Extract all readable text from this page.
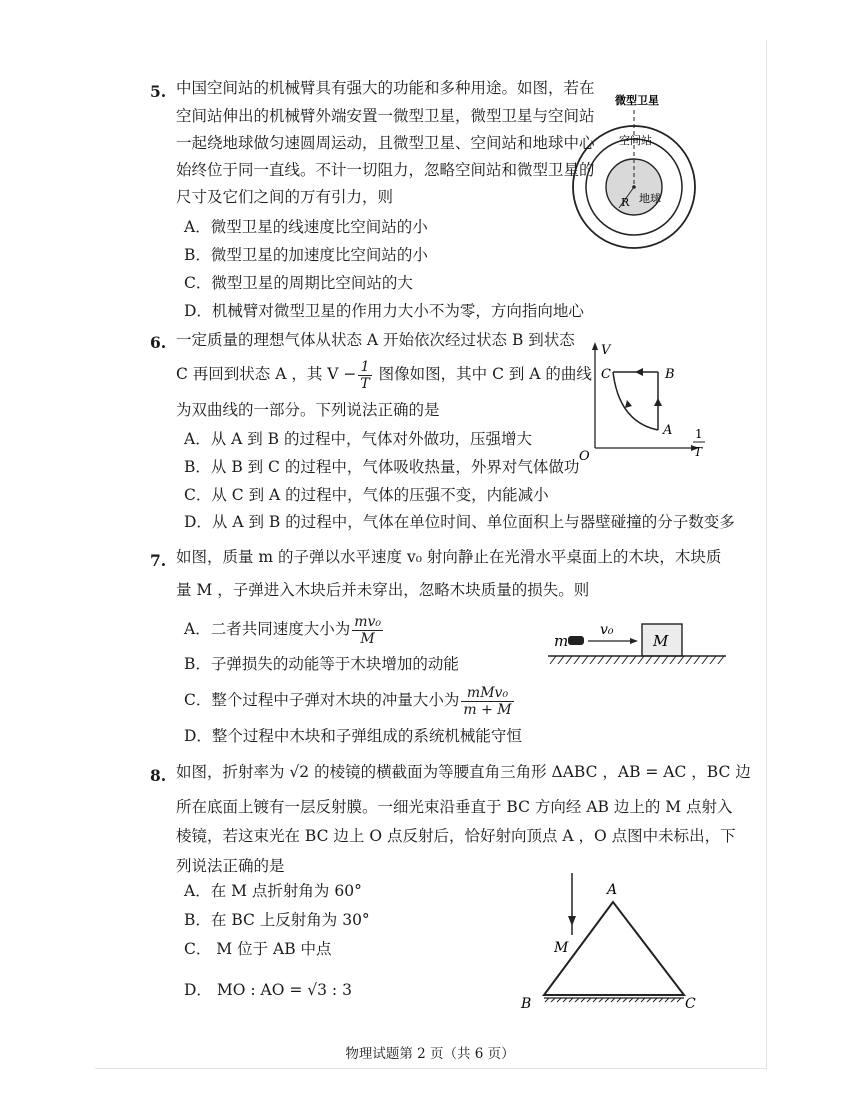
5. 中国空间站的机械臂具有强大的功能和多种用途。如图，若在
空间站伸出的机械臂外端安置一微型卫星，微型卫星与空间站
一起绕地球做匀速圆周运动，且微型卫星、空间站和地球中心
始终位于同一直线。不计一切阻力，忽略空间站和微型卫星的
尺寸及它们之间的万有引力，则
A．微型卫星的线速度比空间站的小
B．微型卫星的加速度比空间站的小
C．微型卫星的周期比空间站的大
D．机械臂对微型卫星的作用力大小不为零，方向指向地心
微型卫星
空间站
地球
R
6. 一定质量的理想气体从状态 A 开始依次经过状态 B 到状态
C 再回到状态 A ，其 $V - \frac{1}{T}$ 图像如图，其中 C 到 A 的曲线
为双曲线的一部分。下列说法正确的是
A．从 A 到 B 的过程中，气体对外做功，压强增大
B．从 B 到 C 的过程中，气体吸收热量，外界对气体做功
C．从 C 到 A 的过程中，气体的压强不变，内能减小
D．从 A 到 B 的过程中，气体在单位时间、单位面积上与器壁碰撞的分子数变多
V
O
C	B
A 1
T
7. 如图，质量 m 的子弹以水平速度 v₀ 射向静止在光滑水平桌面上的木块，木块质
量 M ，子弹进入木块后并未穿出，忽略木块质量的损失。则
A．二者共同速度大小为 $\frac{\text{mv₀}}{M}$
B．子弹损失的动能等于木块增加的动能
C．整个过程中子弹对木块的冲量大小为 $\frac{\text{mMv₀}}{m + M}$
D．整个过程中木块和子弹组成的系统机械能守恒
m
v₀
M
8. 如图，折射率为 √2 的棱镜的横截面为等腰直角三角形 ΔABC ，AB = AC ，BC 边
所在底面上镀有一层反射膜。一细光束沿垂直于 BC 方向经 AB 边上的 M 点射入
棱镜，若这束光在 BC 边上 O 点反射后，恰好射向顶点 A ，O 点图中未标出，下
列说法正确的是
A．在 M 点折射角为 60°
B．在 BC 上反射角为 30°
C． M 位于 AB 中点
D． MO : AO = √3 : 3
A
B	C
M
物理试题第 2 页（共 6 页）
